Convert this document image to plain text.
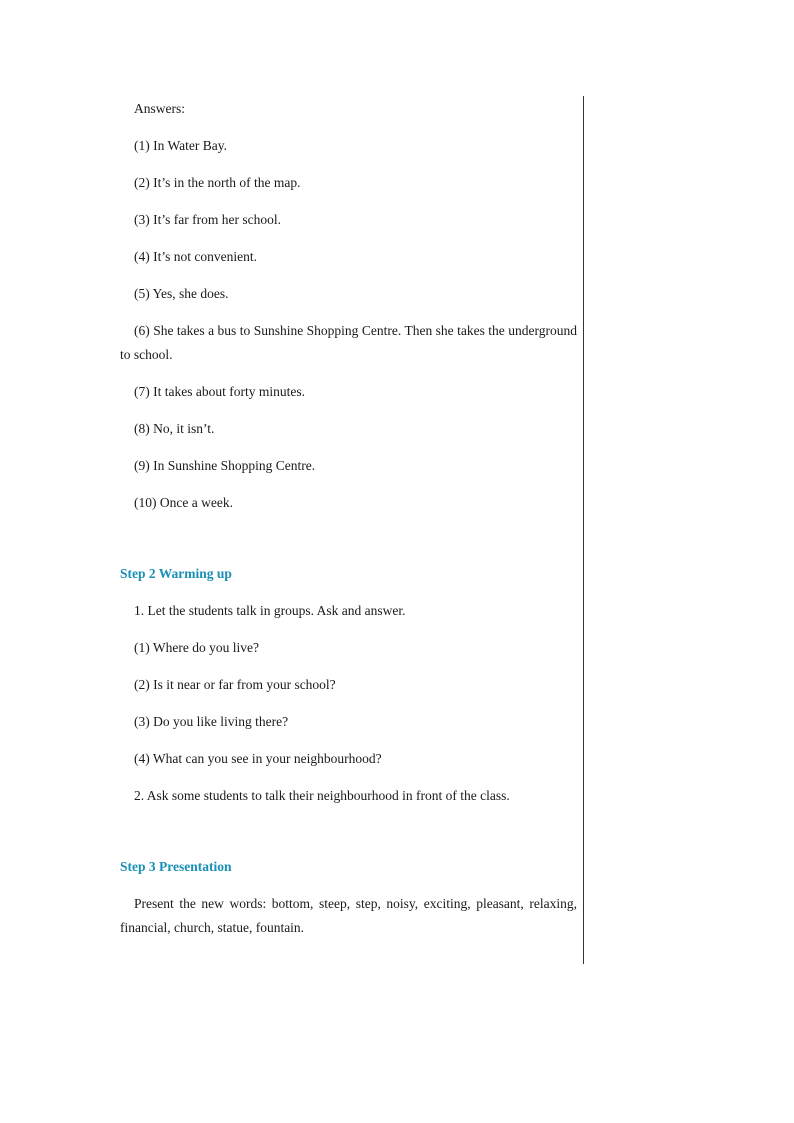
Answers:

(1) In Water Bay.

(2) It’s in the north of the map.

(3) It’s far from her school.

(4) It’s not convenient.

(5) Yes, she does.

(6) She takes a bus to Sunshine Shopping Centre. Then she takes the underground to school.

(7) It takes about forty minutes.

(8) No, it isn’t.

(9) In Sunshine Shopping Centre.

(10) Once a week.

Step 2 Warming up

1. Let the students talk in groups. Ask and answer.

(1) Where do you live?

(2) Is it near or far from your school?

(3) Do you like living there?

(4) What can you see in your neighbourhood?

2. Ask some students to talk their neighbourhood in front of the class.

Step 3 Presentation

Present the new words: bottom, steep, step, noisy, exciting, pleasant, relaxing, financial, church, statue, fountain.
